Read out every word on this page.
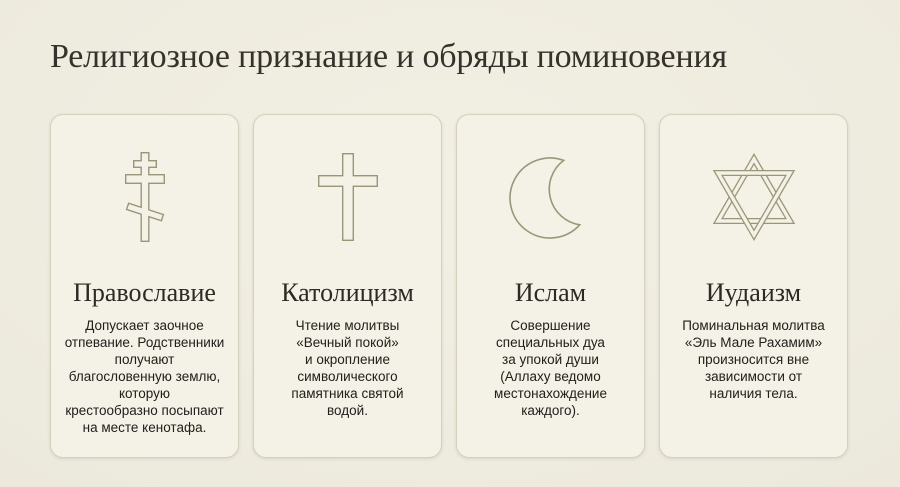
Религиозное признание и обряды поминовения
Православие

Допускает заочное
отпевание. Родственники
получают
благословенную землю,
которую
крестообразно посыпают
на месте кенотафа.

Католицизм

Чтение молитвы
«Вечный покой»
и окропление
символического
памятника святой
водой.

Ислам

Совершение
специальных дуа
за упокой души
(Аллаху ведомо
местонахождение
каждого).

Иудаизм

Поминальная молитва
«Эль Мале Рахамим»
произносится вне
зависимости от
наличия тела.
